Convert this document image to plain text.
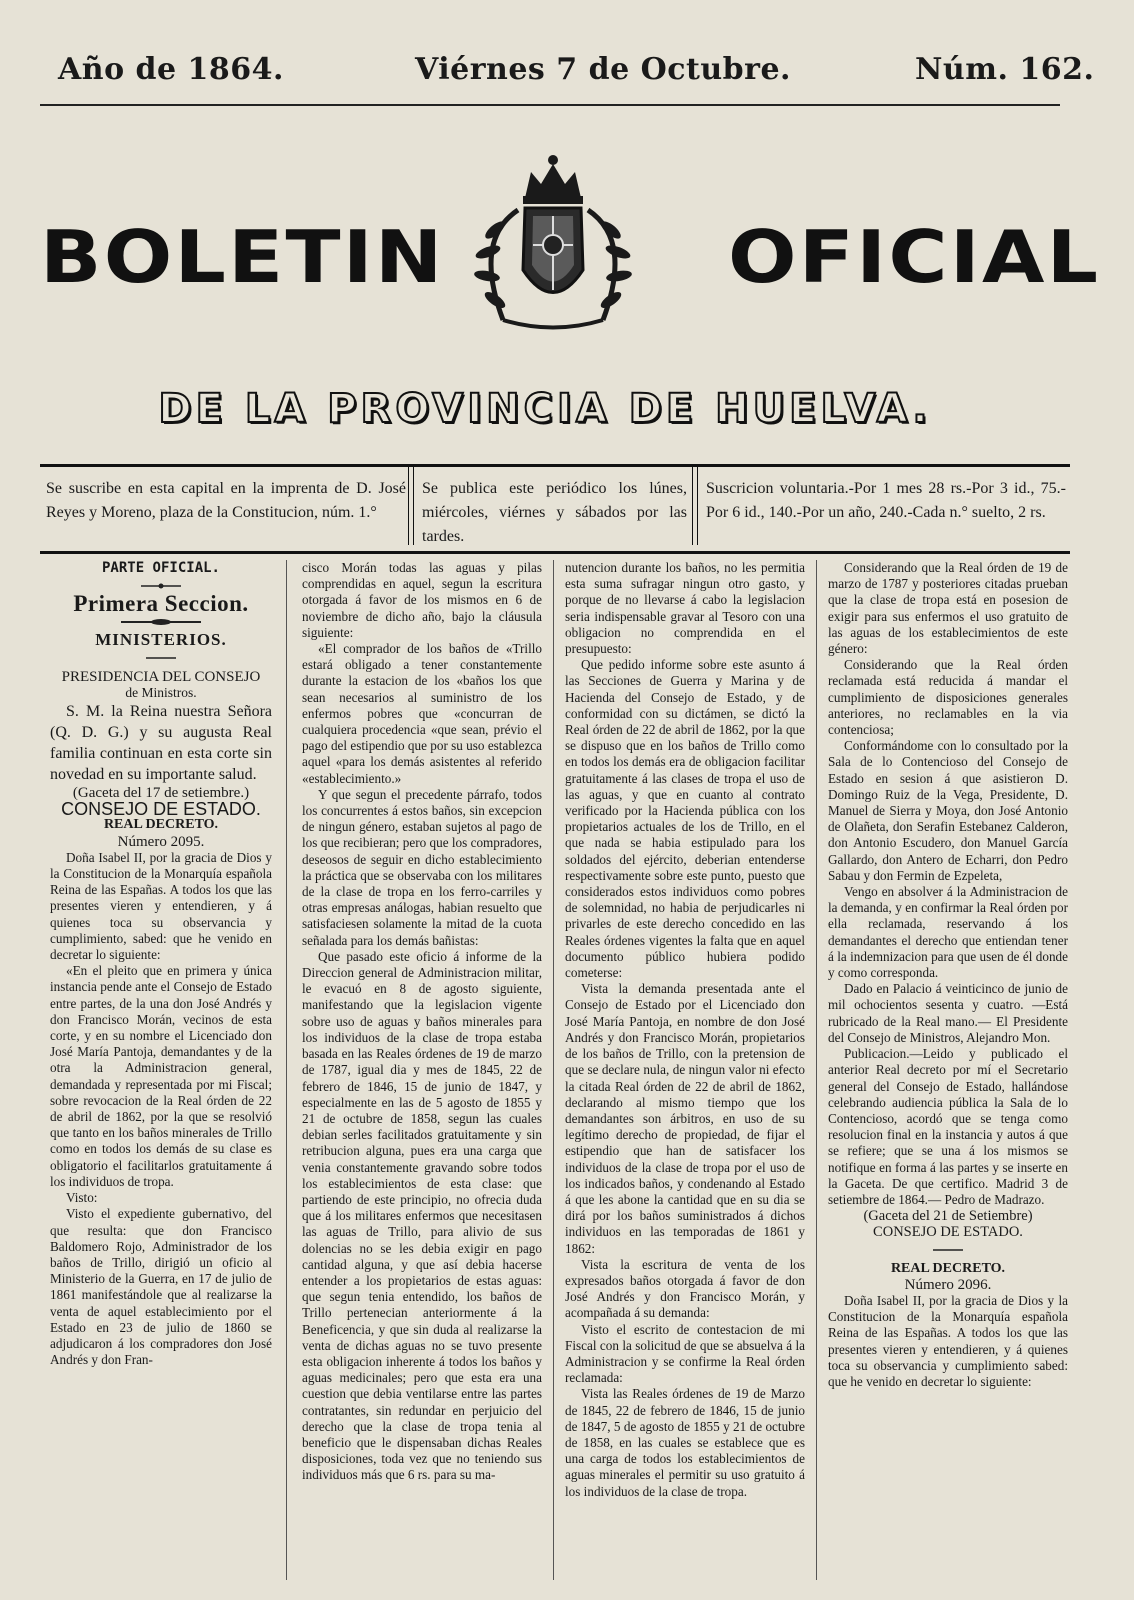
Año de 1864.	Viérnes 7 de Octubre.	Núm. 162.
BOLETIN	OFICIAL
DE LA PROVINCIA DE HUELVA.
Se suscribe en esta capital en la imprenta de D. José Reyes y Moreno, plaza de la Constitucion, núm. 1.°
Se publica este periódico los lúnes, miércoles, viérnes y sábados por las tardes.
Suscricion voluntaria.-Por 1 mes 28 rs.-Por 3 id., 75.-Por 6 id., 140.-Por un año, 240.-Cada n.° suelto, 2 rs.

PARTE OFICIAL.

Primera Seccion.

MINISTERIOS.

PRESIDENCIA DEL CONSEJO

de Ministros.

S. M. la Reina nuestra Señora (Q. D. G.) y su augusta Real familia continuan en esta corte sin novedad en su importante salud.

(Gaceta del 17 de setiembre.)

CONSEJO DE ESTADO.

REAL DECRETO.

Número 2095.

Doña Isabel II, por la gracia de Dios y la Constitucion de la Monarquía española Reina de las Españas. A todos los que las presentes vieren y entendieren, y á quienes toca su observancia y cumplimiento, sabed: que he venido en decretar lo siguiente:

«En el pleito que en primera y única instancia pende ante el Consejo de Estado entre partes, de la una don José Andrés y don Francisco Morán, vecinos de esta corte, y en su nombre el Licenciado don José María Pantoja, demandantes y de la otra la Administracion general, demandada y representada por mi Fiscal; sobre revocacion de la Real órden de 22 de abril de 1862, por la que se resolvió que tanto en los baños minerales de Trillo como en todos los demás de su clase es obligatorio el facilitarlos gratuitamente á los individuos de tropa.

Visto:

Visto el expediente gubernativo, del que resulta: que don Francisco Baldomero Rojo, Administrador de los baños de Trillo, dirigió un oficio al Ministerio de la Guerra, en 17 de julio de 1861 manifestándole que al realizarse la venta de aquel establecimiento por el Estado en 23 de julio de 1860 se adjudicaron á los compradores don José Andrés y don Fran-

cisco Morán todas las aguas y pilas comprendidas en aquel, segun la escritura otorgada á favor de los mismos en 6 de noviembre de dicho año, bajo la cláusula siguiente:

«El comprador de los baños de «Trillo estará obligado a tener constantemente durante la estacion de los «baños los que sean necesarios al suministro de los enfermos pobres que «concurran de cualquiera procedencia «que sean, prévio el pago del estipendio que por su uso establezca aquel «para los demás asistentes al referido «establecimiento.»

Y que segun el precedente párrafo, todos los concurrentes á estos baños, sin excepcion de ningun género, estaban sujetos al pago de los que recibieran; pero que los compradores, deseosos de seguir en dicho establecimiento la práctica que se observaba con los militares de la clase de tropa en los ferro-carriles y otras empresas análogas, habian resuelto que satisfaciesen solamente la mitad de la cuota señalada para los demás bañistas:

Que pasado este oficio á informe de la Direccion general de Administracion militar, le evacuó en 8 de agosto siguiente, manifestando que la legislacion vigente sobre uso de aguas y baños minerales para los individuos de la clase de tropa estaba basada en las Reales órdenes de 19 de marzo de 1787, igual dia y mes de 1845, 22 de febrero de 1846, 15 de junio de 1847, y especialmente en las de 5 agosto de 1855 y 21 de octubre de 1858, segun las cuales debian serles facilitados gratuitamente y sin retribucion alguna, pues era una carga que venia constantemente gravando sobre todos los establecimientos de esta clase: que partiendo de este principio, no ofrecia duda que á los militares enfermos que necesitasen las aguas de Trillo, para alivio de sus dolencias no se les debia exigir en pago cantidad alguna, y que así debia hacerse entender a los propietarios de estas aguas: que segun tenia entendido, los baños de Trillo pertenecian anteriormente á la Beneficencia, y que sin duda al realizarse la venta de dichas aguas no se tuvo presente esta obligacion inherente á todos los baños y aguas medicinales; pero que esta era una cuestion que debia ventilarse entre las partes contratantes, sin redundar en perjuicio del derecho que la clase de tropa tenia al beneficio que le dispensaban dichas Reales disposiciones, toda vez que no teniendo sus individuos más que 6 rs. para su ma-

nutencion durante los baños, no les permitia esta suma sufragar ningun otro gasto, y porque de no llevarse á cabo la legislacion seria indispensable gravar al Tesoro con una obligacion no comprendida en el presupuesto:

Que pedido informe sobre este asunto á las Secciones de Guerra y Marina y de Hacienda del Consejo de Estado, y de conformidad con su dictámen, se dictó la Real órden de 22 de abril de 1862, por la que se dispuso que en los baños de Trillo como en todos los demás era de obligacion facilitar gratuitamente á las clases de tropa el uso de las aguas, y que en cuanto al contrato verificado por la Hacienda pública con los propietarios actuales de los de Trillo, en el que nada se habia estipulado para los soldados del ejército, deberian entenderse respectivamente sobre este punto, puesto que considerados estos individuos como pobres de solemnidad, no habia de perjudicarles ni privarles de este derecho concedido en las Reales órdenes vigentes la falta que en aquel documento público hubiera podido cometerse:

Vista la demanda presentada ante el Consejo de Estado por el Licenciado don José María Pantoja, en nombre de don José Andrés y don Francisco Morán, propietarios de los baños de Trillo, con la pretension de que se declare nula, de ningun valor ni efecto la citada Real órden de 22 de abril de 1862, declarando al mismo tiempo que los demandantes son árbitros, en uso de su legítimo derecho de propiedad, de fijar el estipendio que han de satisfacer los individuos de la clase de tropa por el uso de los indicados baños, y condenando al Estado á que les abone la cantidad que en su dia se dirá por los baños suministrados á dichos individuos en las temporadas de 1861 y 1862:

Vista la escritura de venta de los expresados baños otorgada á favor de don José Andrés y don Francisco Morán, y acompañada á su demanda:

Visto el escrito de contestacion de mi Fiscal con la solicitud de que se absuelva á la Administracion y se confirme la Real órden reclamada:

Vista las Reales órdenes de 19 de Marzo de 1845, 22 de febrero de 1846, 15 de junio de 1847, 5 de agosto de 1855 y 21 de octubre de 1858, en las cuales se establece que es una carga de todos los establecimientos de aguas minerales el permitir su uso gratuito á los individuos de la clase de tropa.

Considerando que la Real órden de 19 de marzo de 1787 y posteriores citadas prueban que la clase de tropa está en posesion de exigir para sus enfermos el uso gratuito de las aguas de los establecimientos de este género:

Considerando que la Real órden reclamada está reducida á mandar el cumplimiento de disposiciones generales anteriores, no reclamables en la via contenciosa;

Conformándome con lo consultado por la Sala de lo Contencioso del Consejo de Estado en sesion á que asistieron D. Domingo Ruiz de la Vega, Presidente, D. Manuel de Sierra y Moya, don José Antonio de Olañeta, don Serafin Estebanez Calderon, don Antonio Escudero, don Manuel García Gallardo, don Antero de Echarri, don Pedro Sabau y don Fermin de Ezpeleta,

Vengo en absolver á la Administracion de la demanda, y en confirmar la Real órden por ella reclamada, reservando á los demandantes el derecho que entiendan tener á la indemnizacion para que usen de él donde y como corresponda.

Dado en Palacio á veinticinco de junio de mil ochocientos sesenta y cuatro. —Está rubricado de la Real mano.— El Presidente del Consejo de Ministros, Alejandro Mon.

Publicacion.—Leido y publicado el anterior Real decreto por mí el Secretario general del Consejo de Estado, hallándose celebrando audiencia pública la Sala de lo Contencioso, acordó que se tenga como resolucion final en la instancia y autos á que se refiere; que se una á los mismos se notifique en forma á las partes y se inserte en la Gaceta. De que certifico. Madrid 3 de setiembre de 1864.— Pedro de Madrazo.

(Gaceta del 21 de Setiembre)

CONSEJO DE ESTADO.

REAL DECRETO.

Número 2096.

Doña Isabel II, por la gracia de Dios y la Constitucion de la Monarquía española Reina de las Españas. A todos los que las presentes vieren y entendieren, y á quienes toca su observancia y cumplimiento sabed: que he venido en decretar lo siguiente:
